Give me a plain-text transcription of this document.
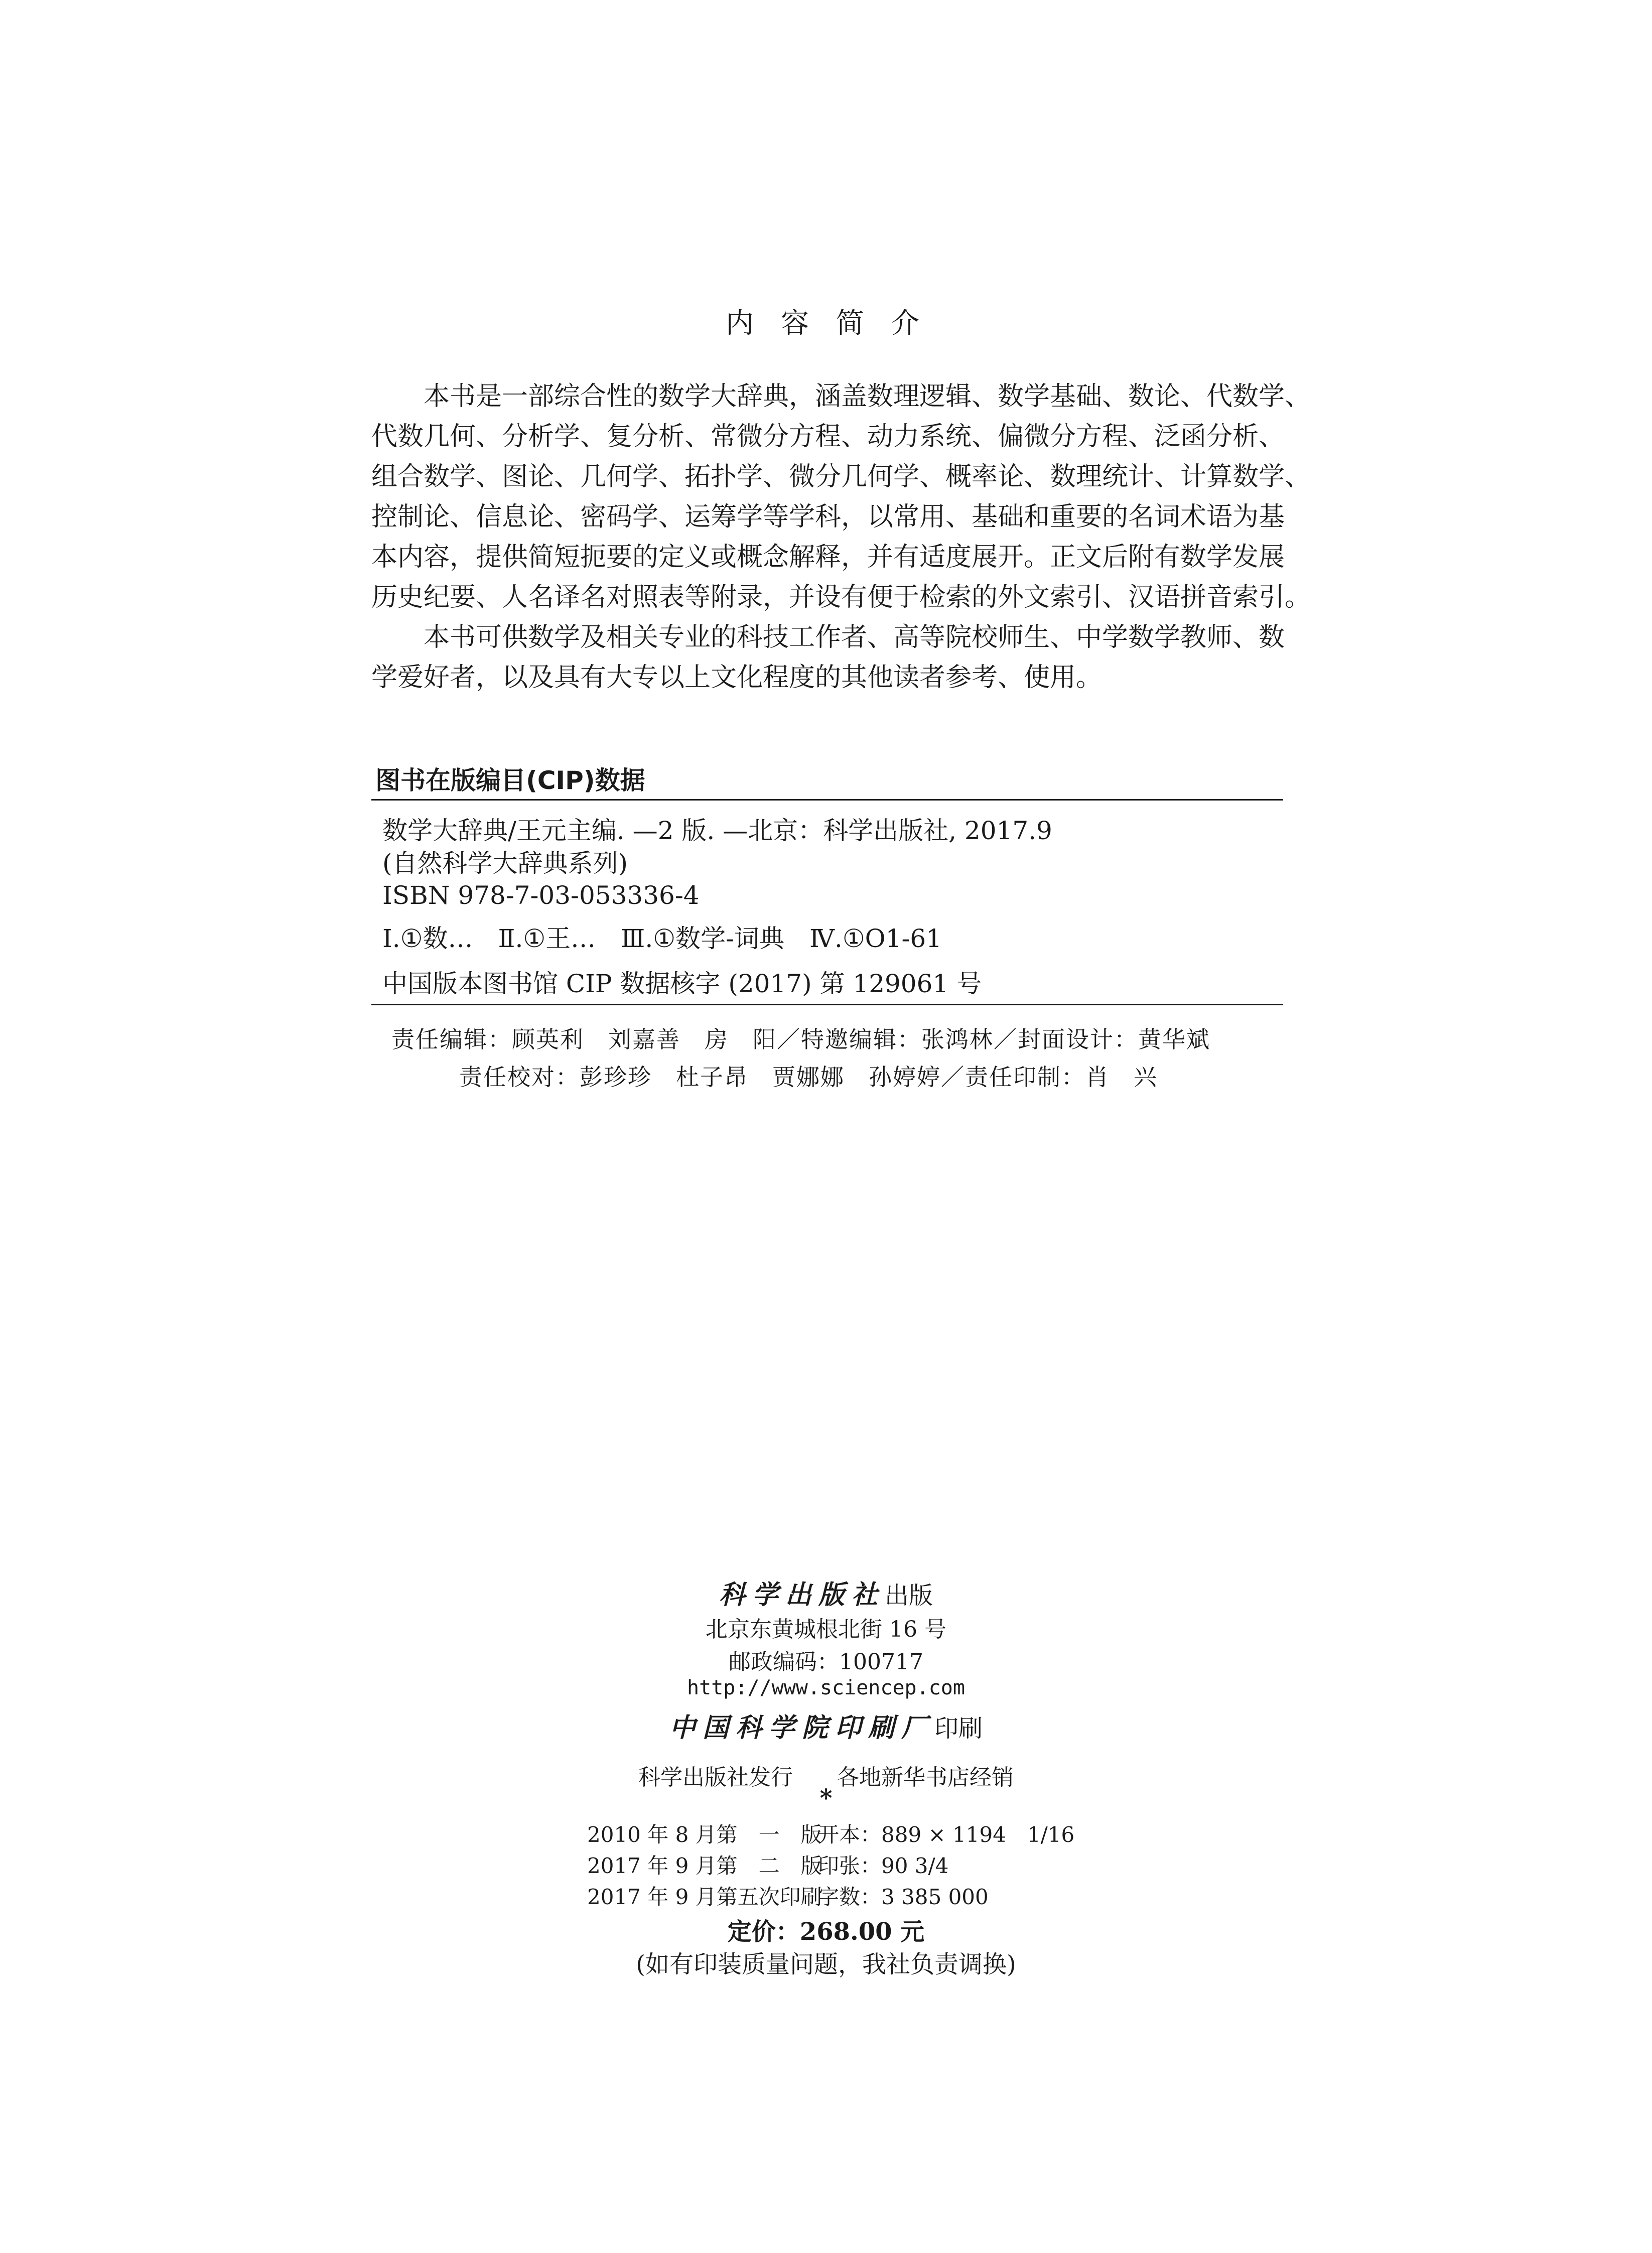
内容简介
　　本书是一部综合性的数学大辞典，涵盖数理逻辑、数学基础、数论、代数学、
代数几何、分析学、复分析、常微分方程、动力系统、偏微分方程、泛函分析、
组合数学、图论、几何学、拓扑学、微分几何学、概率论、数理统计、计算数学、
控制论、信息论、密码学、运筹学等学科，以常用、基础和重要的名词术语为基
本内容，提供简短扼要的定义或概念解释，并有适度展开。正文后附有数学发展
历史纪要、人名译名对照表等附录，并设有便于检索的外文索引、汉语拼音索引。
　　本书可供数学及相关专业的科技工作者、高等院校师生、中学数学教师、数
学爱好者，以及具有大专以上文化程度的其他读者参考、使用。
图书在版编目(CIP)数据
数学大辞典/王元主编. —2 版. —北京：科学出版社, 2017.9
(自然科学大辞典系列)
ISBN 978-7-03-053336-4
Ⅰ.①数…　Ⅱ.①王…　Ⅲ.①数学-词典　Ⅳ.①O1-61
中国版本图书馆 CIP 数据核字 (2017) 第 129061 号
责任编辑：顾英利　刘嘉善　房　阳／特邀编辑：张鸿林／封面设计：黄华斌
责任校对：彭珍珍　杜子昂　贾娜娜　孙婷婷／责任印制：肖　兴
科学出版社出版
北京东黄城根北街 16 号
邮政编码：100717
http://www.sciencep.com
中国科学院印刷厂印刷
科学出版社发行　　各地新华书店经销
*
2010 年 8 月第　一　版
开本：889 × 1194　1/16
2017 年 9 月第　二　版
印张：90 3/4
2017 年 9 月第五次印刷
字数：3 385 000
定价：268.00 元
(如有印装质量问题，我社负责调换)
